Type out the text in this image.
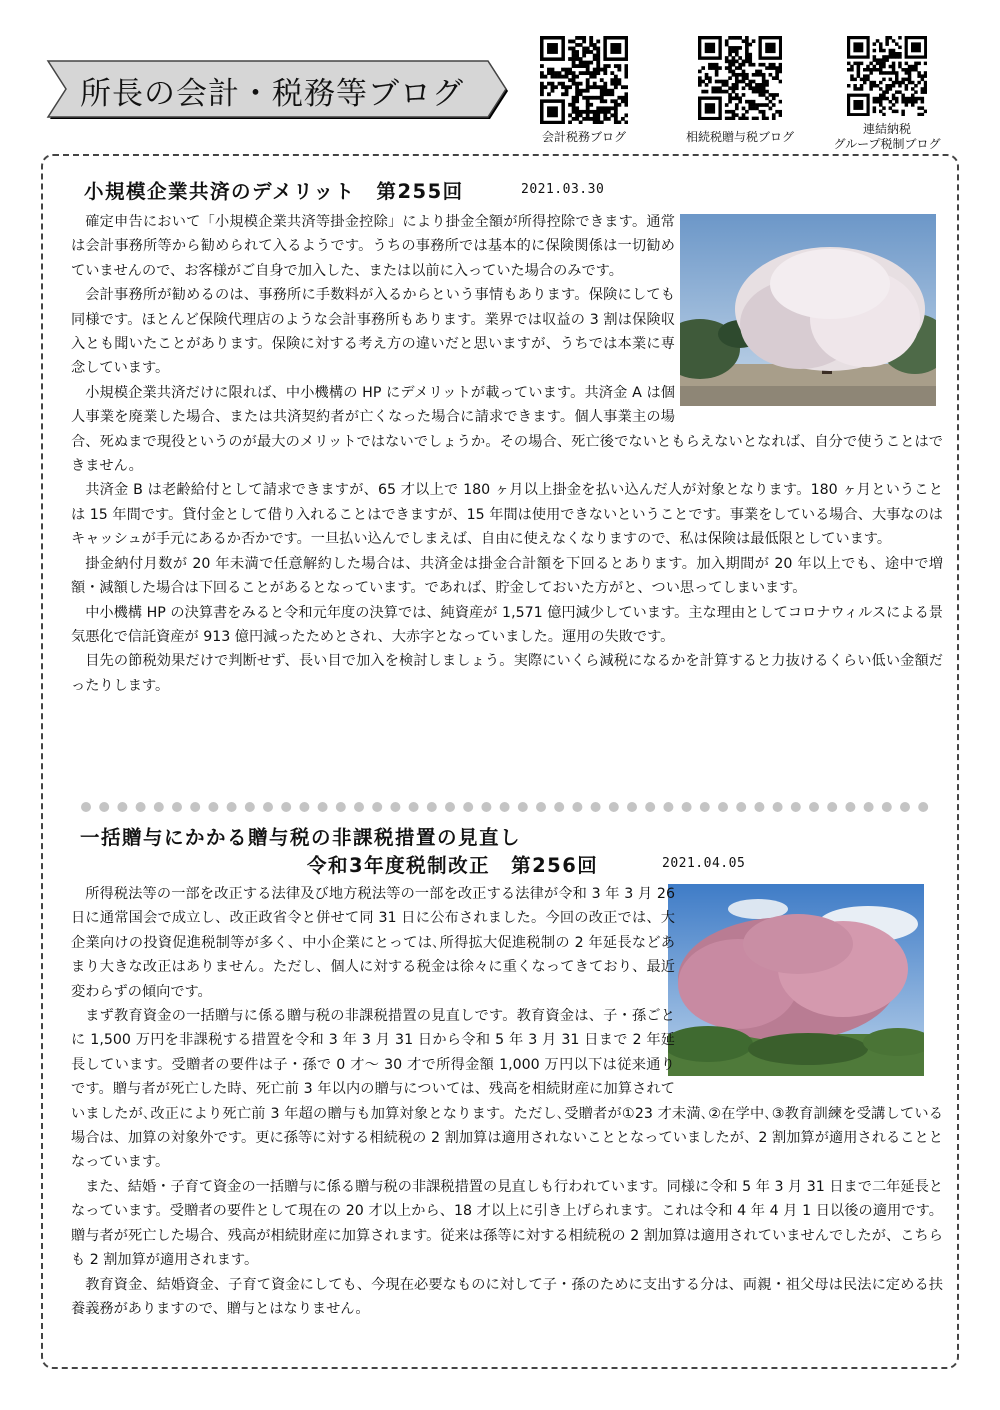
所長の会計・税務等ブログ
会計税務ブログ	相続税贈与税ブログ
連結納税
グループ税制ブログ
小規模企業共済のデメリット　第255回	2021.03.30

確定申告において「小規模企業共済等掛金控除」により掛金全額が所得控除できます。通常は会計事務所等から勧められて入るようです。うちの事務所では基本的に保険関係は一切勧めていませんので、お客様がご自身で加入した、または以前に入っていた場合のみです。

会計事務所が勧めるのは、事務所に手数料が入るからという事情もあります。保険にしても同様です。ほとんど保険代理店のような会計事務所もあります。業界では収益の 3 割は保険収入とも聞いたことがあります。保険に対する考え方の違いだと思いますが、うちでは本業に専念しています。

小規模企業共済だけに限れば、中小機構の HP にデメリットが載っています。共済金 A は個人事業を廃業した場合、または共済契約者が亡くなった場合に請求できます。個人事業主の場合、死ぬまで現役というのが最大のメリットではないでしょうか。その場合、死亡後でないともらえないとなれば、自分で使うことはできません。

共済金 B は老齢給付として請求できますが、65 才以上で 180 ヶ月以上掛金を払い込んだ人が対象となります。180 ヶ月ということは 15 年間です。貸付金として借り入れることはできますが、15 年間は使用できないということです。事業をしている場合、大事なのはキャッシュが手元にあるか否かです。一旦払い込んでしまえば、自由に使えなくなりますので、私は保険は最低限としています。

掛金納付月数が 20 年未満で任意解約した場合は、共済金は掛金合計額を下回るとあります。加入期間が 20 年以上でも、途中で増額・減額した場合は下回ることがあるとなっています。であれば、貯金しておいた方がと、つい思ってしまいます。

中小機構 HP の決算書をみると令和元年度の決算では、純資産が 1,571 億円減少しています。主な理由としてコロナウィルスによる景気悪化で信託資産が 913 億円減ったためとされ、大赤字となっていました。運用の失敗です。

目先の節税効果だけで判断せず、長い目で加入を検討しましょう。実際にいくら減税になるかを計算すると力抜けるくらい低い金額だったりします。

一括贈与にかかる贈与税の非課税措置の見直し
令和3年度税制改正　第256回	2021.04.05

所得税法等の一部を改正する法律及び地方税法等の一部を改正する法律が令和 3 年 3 月 26 日に通常国会で成立し、改正政省令と併せて同 31 日に公布されました。今回の改正では、大企業向けの投資促進税制等が多く、中小企業にとっては､所得拡大促進税制の 2 年延長などあまり大きな改正はありません。ただし、個人に対する税金は徐々に重くなってきており、最近変わらずの傾向です。

まず教育資金の一括贈与に係る贈与税の非課税措置の見直しです。教育資金は、子・孫ごとに 1,500 万円を非課税する措置を令和 3 年 3 月 31 日から令和 5 年 3 月 31 日まで 2 年延長しています。受贈者の要件は子・孫で 0 才～ 30 才で所得金額 1,000 万円以下は従来通りです。贈与者が死亡した時、死亡前 3 年以内の贈与については、残高を相続財産に加算されていましたが､改正により死亡前 3 年超の贈与も加算対象となります。ただし､受贈者が①23 才未満､②在学中､③教育訓練を受講している場合は、加算の対象外です。更に孫等に対する相続税の 2 割加算は適用されないこととなっていましたが、2 割加算が適用されることとなっています。

また、結婚・子育て資金の一括贈与に係る贈与税の非課税措置の見直しも行われています。同様に令和 5 年 3 月 31 日まで二年延長となっています。受贈者の要件として現在の 20 才以上から、18 才以上に引き上げられます。これは令和 4 年 4 月 1 日以後の適用です。贈与者が死亡した場合、残高が相続財産に加算されます。従来は孫等に対する相続税の 2 割加算は適用されていませんでしたが、こちらも 2 割加算が適用されます。

教育資金、結婚資金、子育て資金にしても、今現在必要なものに対して子・孫のために支出する分は、両親・祖父母は民法に定める扶養義務がありますので、贈与とはなりません。
